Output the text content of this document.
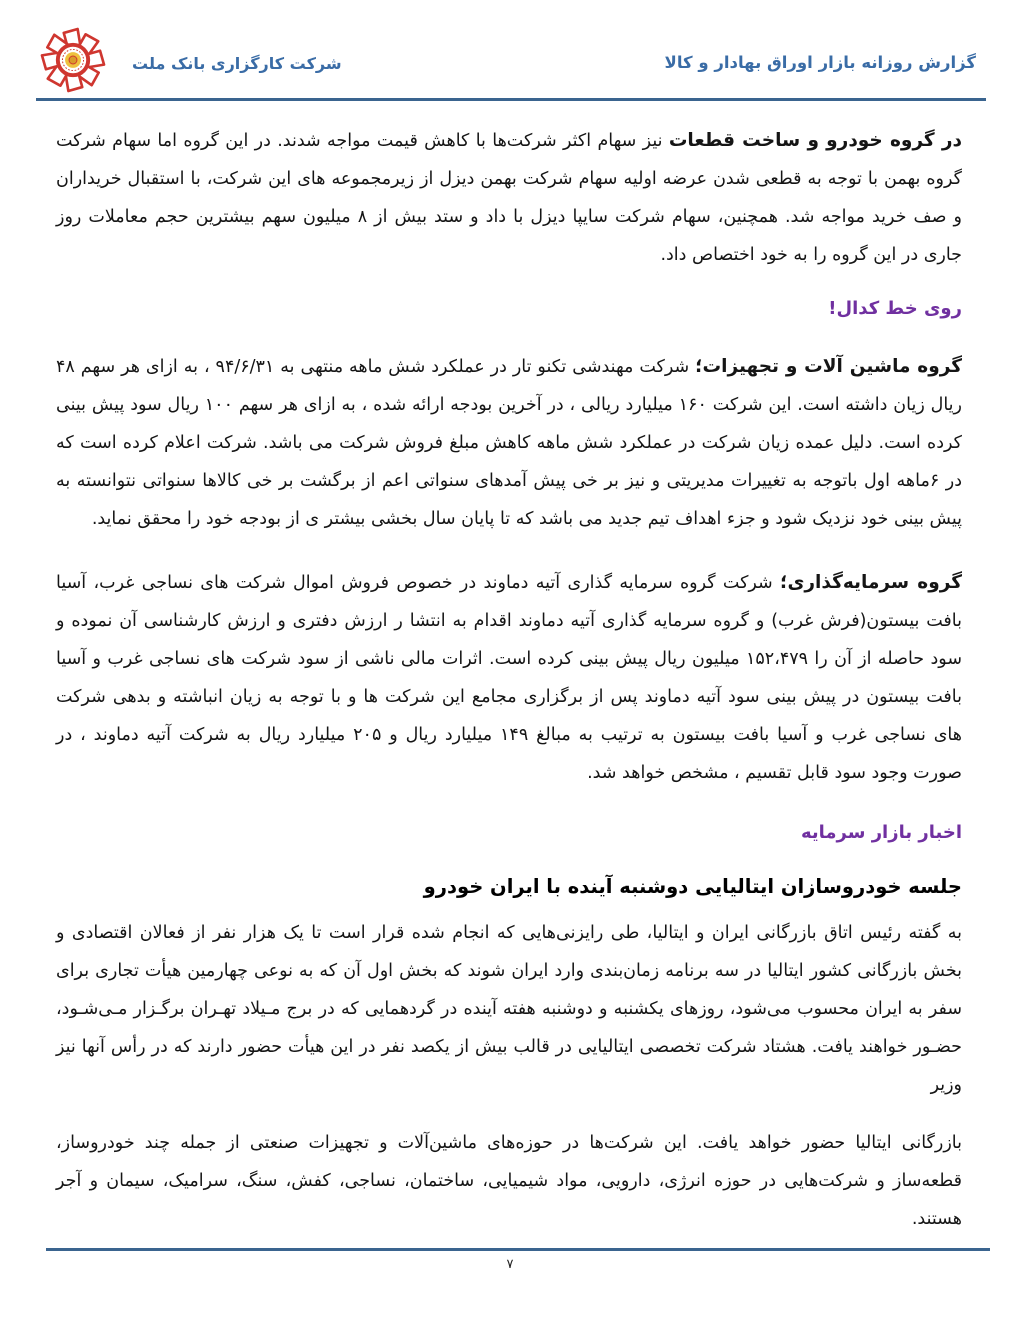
شرکت کارگزاری بانک ملت	گزارش روزانه بازار اوراق بهادار و کالا

در گروه خودرو و ساخت قطعات نیز سهام اکثر شرکت‌ها با کاهش قیمت مواجه شدند. در این گروه اما سهام شرکت گروه بهمن با توجه به قطعی شدن عرضه اولیه سهام شرکت بهمن دیزل از زیرمجموعه های این شرکت، با استقبال خریداران و صف خرید مواجه شد. همچنین، سهام شرکت سایپا دیزل با داد و ستد بیش از ۸ میلیون سهم بیشترین حجم معاملات روز جاری در این گروه را به خود اختصاص داد.

روی خط کدال!

گروه ماشین آلات و تجهیزات؛ شرکت مهندشی تکنو تار در عملکرد شش ماهه منتهی به ۹۴/۶/۳۱ ، به ازای هر سهم ۴۸ ریال زیان داشته است. این شرکت ۱۶۰ میلیارد ریالی ، در آخرین بودجه ارائه شده ، به ازای هر سهم ۱۰۰ ریال سود پیش بینی کرده است. دلیل عمده زیان شرکت در عملکرد شش ماهه کاهش مبلغ فروش شرکت می باشد. شرکت اعلام کرده است که در ۶ماهه اول باتوجه به تغییرات مدیریتی و نیز بر خی پیش آمدهای سنواتی اعم از برگشت بر خی کالاها سنواتی نتوانسته به پیش بینی خود نزدیک شود و جزء اهداف تیم جدید می باشد که تا پایان سال بخشی بیشتر ی از بودجه خود را محقق نماید.

گروه سرمایه‌گذاری؛ شرکت گروه سرمایه گذاری آتیه دماوند در خصوص فروش اموال شرکت های نساجی غرب، آسیا بافت بیستون(فرش غرب) و گروه سرمایه گذاری آتیه دماوند اقدام به انتشا ر ارزش دفتری و ارزش کارشناسی آن نموده و سود حاصله از آن را ۱۵۲،۴۷۹ میلیون ریال پیش بینی کرده است. اثرات مالی ناشی از سود شرکت های نساجی غرب و آسیا بافت بیستون در پیش بینی سود آتیه دماوند پس از برگزاری مجامع این شرکت ها و با توجه به زیان انباشته و بدهی شرکت های نساجی غرب و آسیا بافت بیستون به ترتیب به مبالغ ۱۴۹ میلیارد ریال و ۲۰۵ میلیارد ریال به شرکت آتیه دماوند ، در صورت وجود سود قابل تقسیم ، مشخص خواهد شد.

اخبار بازار سرمایه
جلسه خودروسازان ایتالیایی دوشنبه آینده با ایران خودرو

به گفته رئیس اتاق بازرگانی ایران و ایتالیا، طی رایزنی‌هایی که انجام شده قرار است تا یک هزار نفر از فعالان اقتصادی و بخش بازرگانی کشور ایتالیا در سه برنامه زمان‌بندی وارد ایران شوند که بخش اول آن که به نوعی چهارمین هیأت تجاری برای سفر به ایران محسوب می‌شود، روزهای یکشنبه و دوشنبه هفته آینده در گردهمایی که در برج مـیلاد تهـران برگـزار مـی‌شـود، حضـور خواهند یافت. هشتاد شرکت تخصصی ایتالیایی در قالب بیش از یکصد نفر در این هیأت حضور دارند که در رأس آنها نیز وزیر

بازرگانی ایتالیا حضور خواهد یافت. این شرکت‌ها در حوزه‌های ماشین‌آلات و تجهیزات صنعتی از جمله چند خودروساز، قطعه‌ساز و شرکت‌هایی در حوزه انرژی، دارویی، مواد شیمیایی، ساختمان، نساجی، کفش، سنگ، سرامیک، سیمان و آجر هستند.

۷
